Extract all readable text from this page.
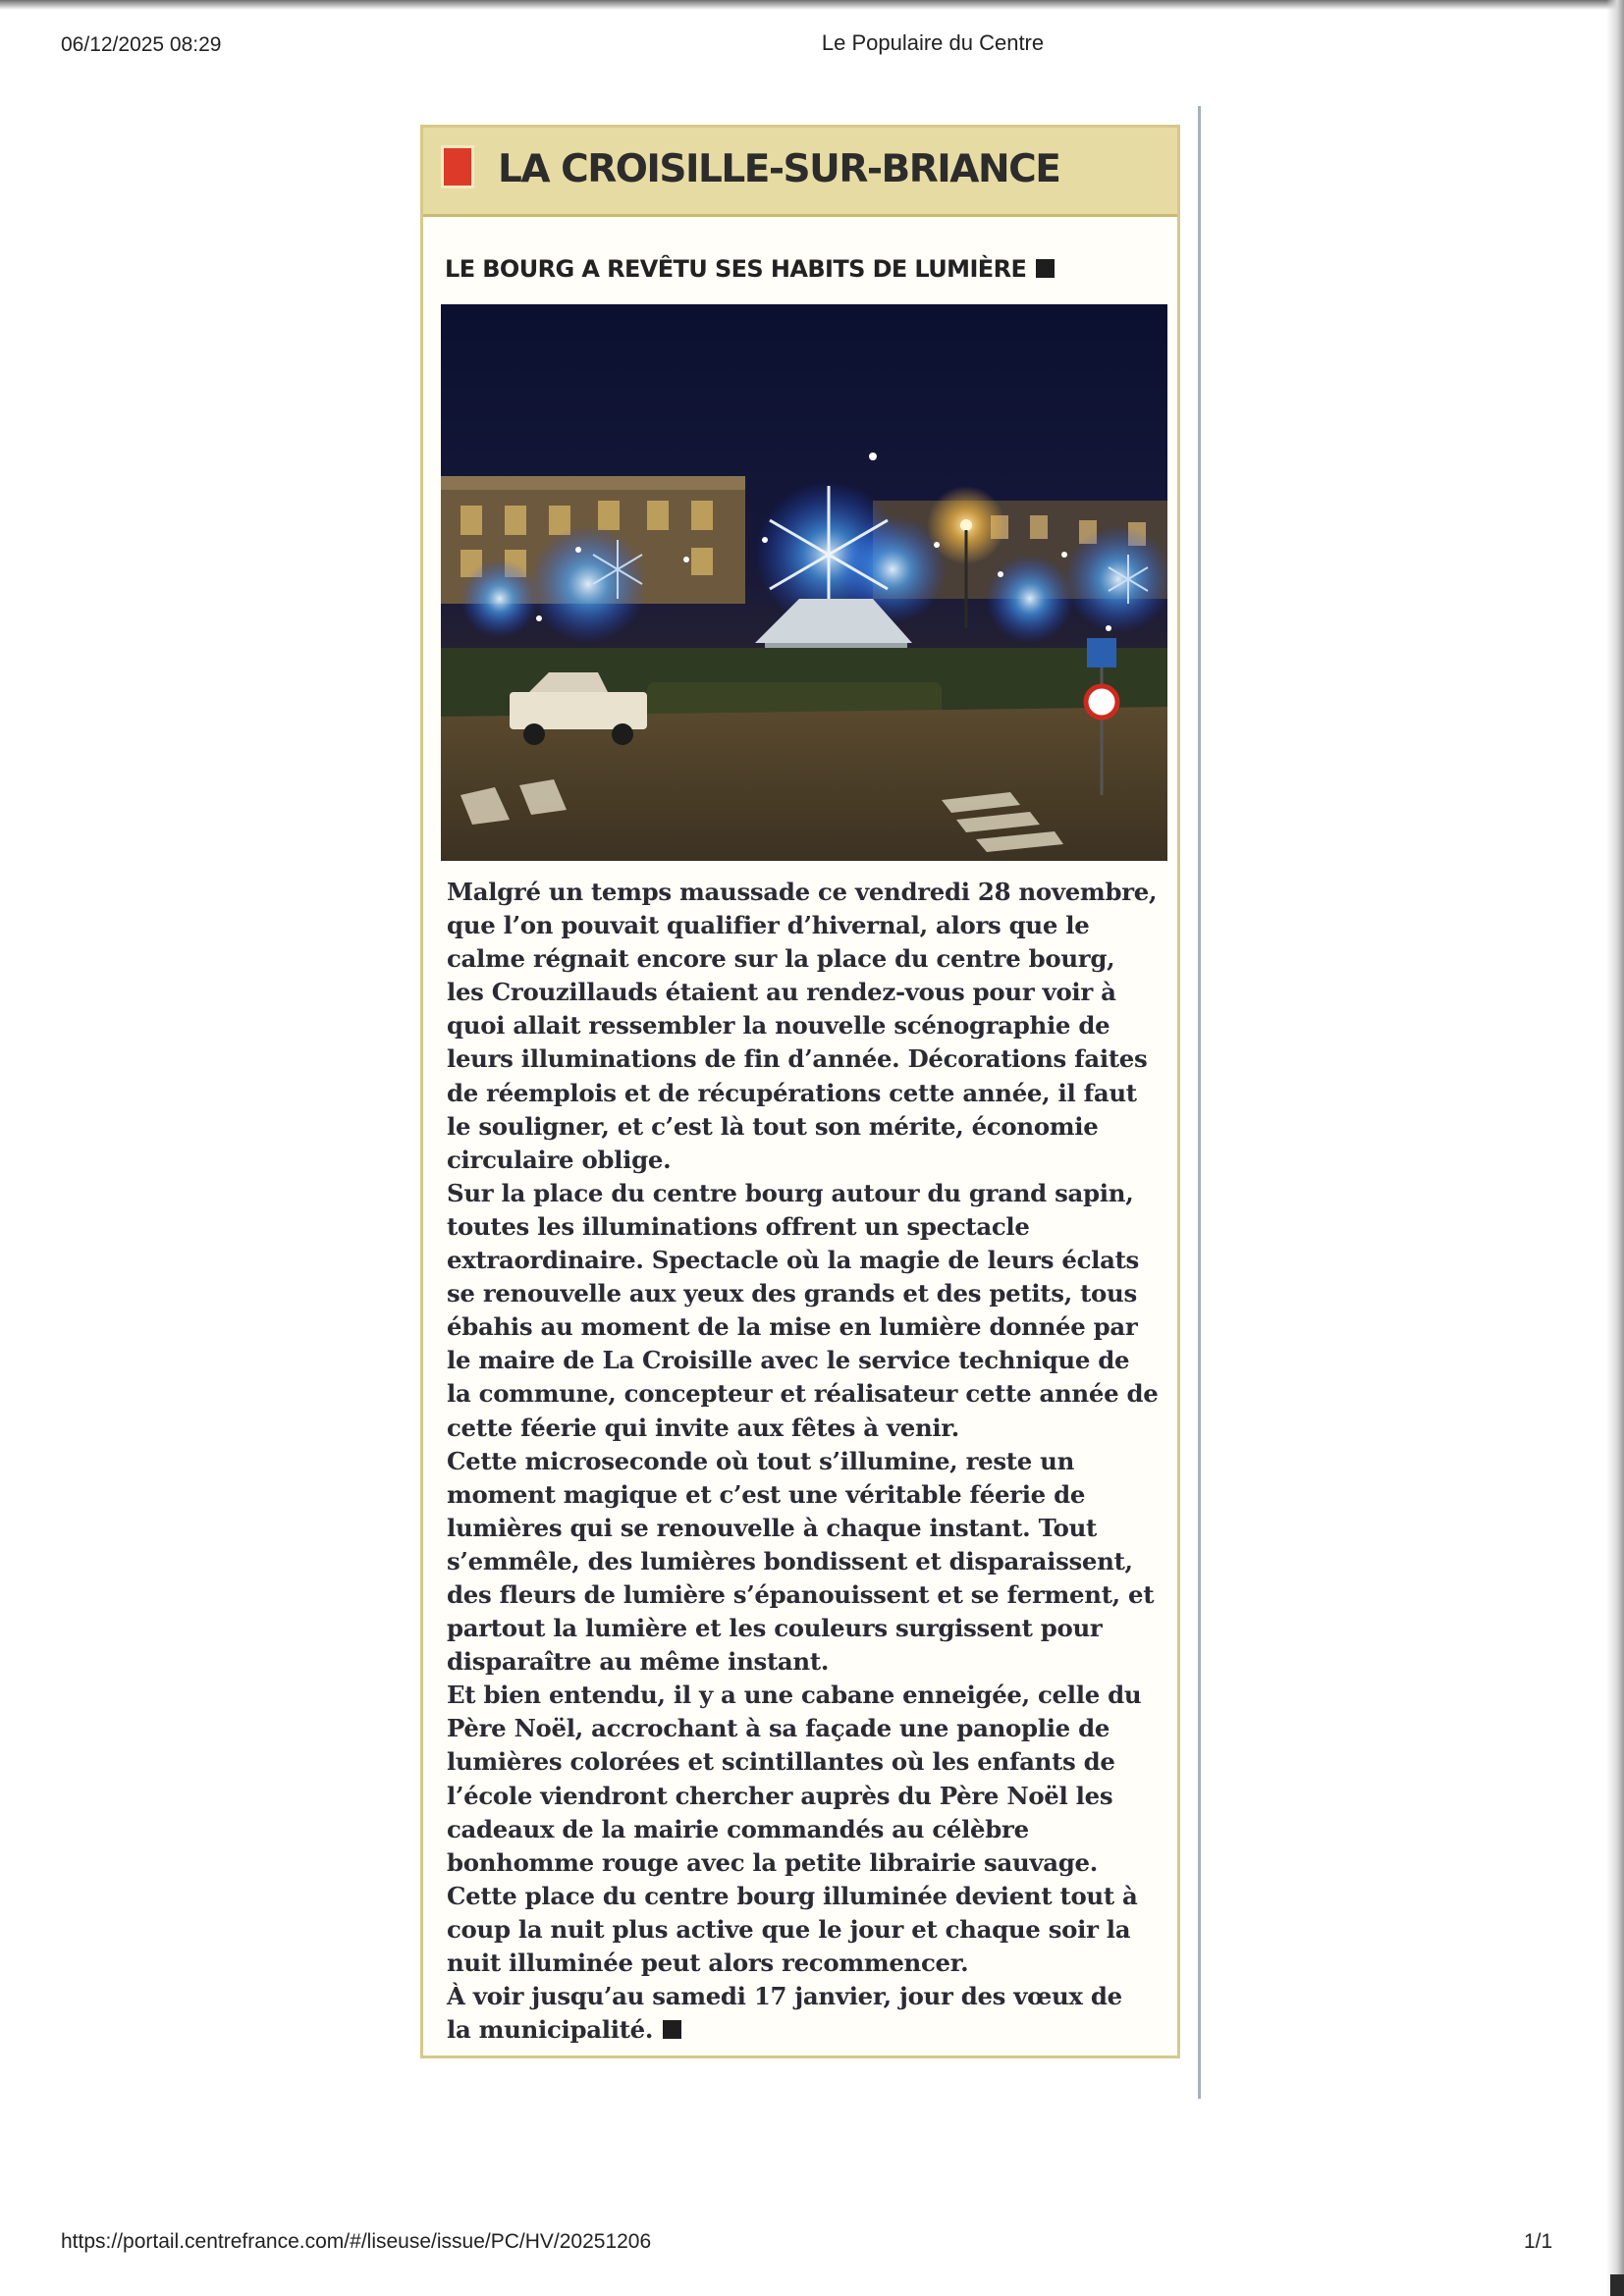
06/12/2025 08:29	Le Populaire du Centre
LA CROISILLE-SUR-BRIANCE
LE BOURG A REVÊTU SES HABITS DE LUMIÈRE
Malgré un temps maussade ce vendredi 28 novembre,
que l’on pouvait qualifier d’hivernal, alors que le
calme régnait encore sur la place du centre bourg,
les Crouzillauds étaient au rendez-vous pour voir à
quoi allait ressembler la nouvelle scénographie de
leurs illuminations de fin d’année. Décorations faites
de réemplois et de récupérations cette année, il faut
le souligner, et c’est là tout son mérite, économie
circulaire oblige.
Sur la place du centre bourg autour du grand sapin,
toutes les illuminations offrent un spectacle
extraordinaire. Spectacle où la magie de leurs éclats
se renouvelle aux yeux des grands et des petits, tous
ébahis au moment de la mise en lumière donnée par
le maire de La Croisille avec le service technique de
la commune, concepteur et réalisateur cette année de
cette féerie qui invite aux fêtes à venir.
Cette microseconde où tout s’illumine, reste un
moment magique et c’est une véritable féerie de
lumières qui se renouvelle à chaque instant. Tout
s’emmêle, des lumières bondissent et disparaissent,
des fleurs de lumière s’épanouissent et se ferment, et
partout la lumière et les couleurs surgissent pour
disparaître au même instant.
Et bien entendu, il y a une cabane enneigée, celle du
Père Noël, accrochant à sa façade une panoplie de
lumières colorées et scintillantes où les enfants de
l’école viendront chercher auprès du Père Noël les
cadeaux de la mairie commandés au célèbre
bonhomme rouge avec la petite librairie sauvage.
Cette place du centre bourg illuminée devient tout à
coup la nuit plus active que le jour et chaque soir la
nuit illuminée peut alors recommencer.
À voir jusqu’au samedi 17 janvier, jour des vœux de
la municipalité.
https://portail.centrefrance.com/#/liseuse/issue/PC/HV/20251206	1/1
